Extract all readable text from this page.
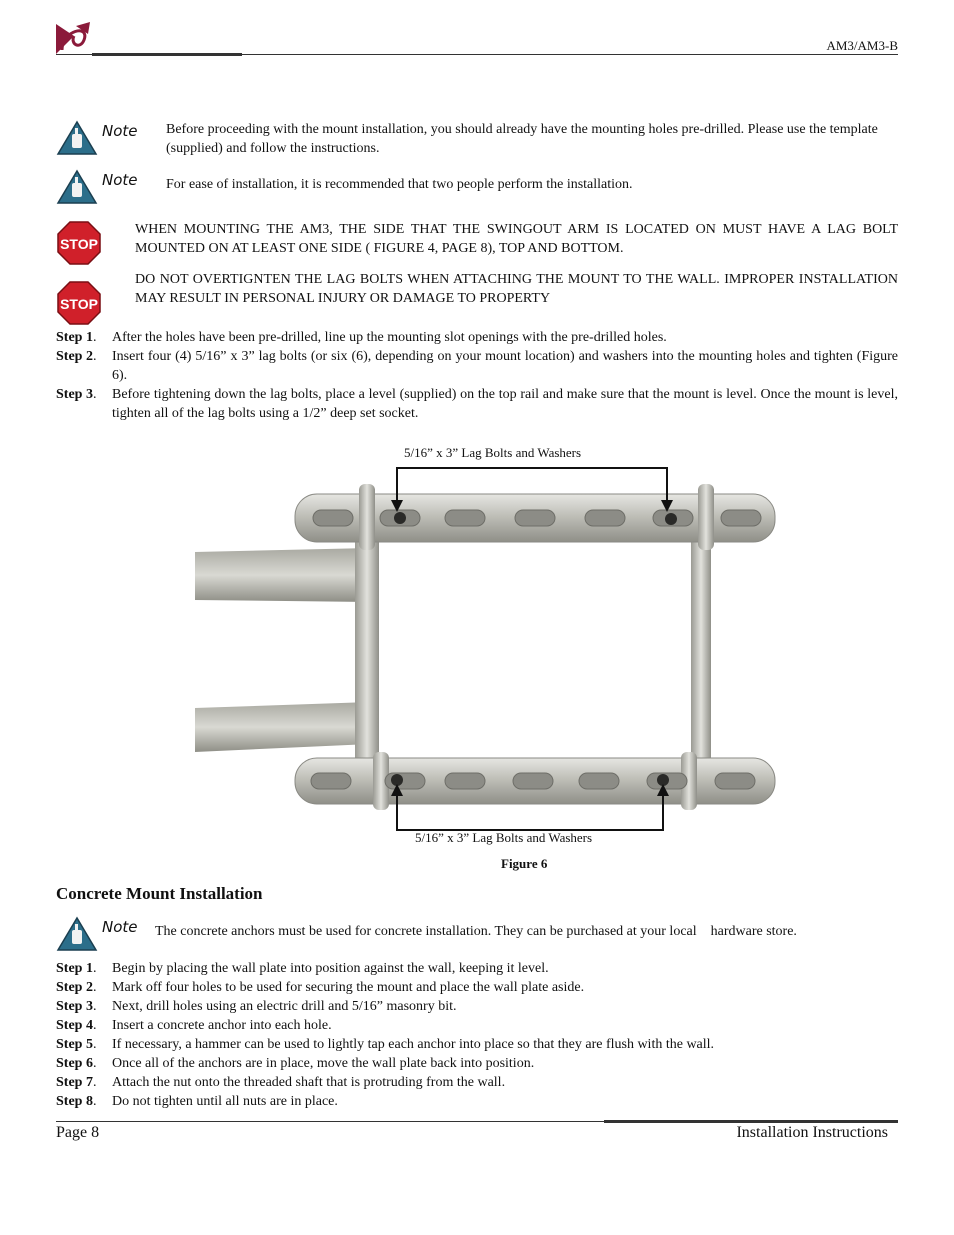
AM3/AM3-B
Note Before proceeding with the mount installation, you should already have the mounting holes pre-drilled. Please use the template (supplied) and follow the instructions.
Note For ease of installation, it is recommended that two people perform the installation.
STOP
WHEN MOUNTING THE AM3, THE SIDE THAT THE SWINGOUT ARM IS LOCATED ON MUST HAVE A LAG BOLT MOUNTED ON AT LEAST ONE SIDE ( FIGURE 4, PAGE 8), TOP AND BOTTOM.
STOP
DO NOT OVERTIGNTEN THE LAG BOLTS WHEN ATTACHING THE MOUNT TO THE WALL. IMPROPER INSTALLATION MAY RESULT IN PERSONAL INJURY OR DAMAGE TO PROPERTY
Step 1.	After the holes have been pre-drilled, line up the mounting slot openings with the pre-drilled holes.
Step 2.	Insert four (4) 5/16” x 3” lag bolts (or six (6), depending on your mount location) and washers into the mounting holes and tighten (Figure 6).
Step 3.	Before tightening down the lag bolts, place a level (supplied) on the top rail and make sure that the mount is level. Once the mount is level, tighten all of the lag bolts using a 1/2” deep set socket.
5/16” x 3” Lag Bolts and Washers
5/16” x 3” Lag Bolts and Washers
Figure 6
Concrete Mount Installation
Note The concrete anchors must be used for concrete installation. They can be purchased at your local    hardware store.
Step 1.	Begin by placing the wall plate into position against the wall, keeping it level.
Step 2.	Mark off four holes to be used for securing the mount and place the wall plate aside.
Step 3.	Next, drill holes using an electric drill and 5/16” masonry bit.
Step 4.	Insert a concrete anchor into each hole.
Step 5.	If necessary, a hammer can be used to lightly tap each anchor into place so that they are flush with the wall.
Step 6.	Once all of the anchors are in place, move the wall plate back into position.
Step 7.	Attach the nut onto the threaded shaft that is protruding from the wall.
Step 8.	Do not tighten until all nuts are in place.
Page 8	Installation Instructions
